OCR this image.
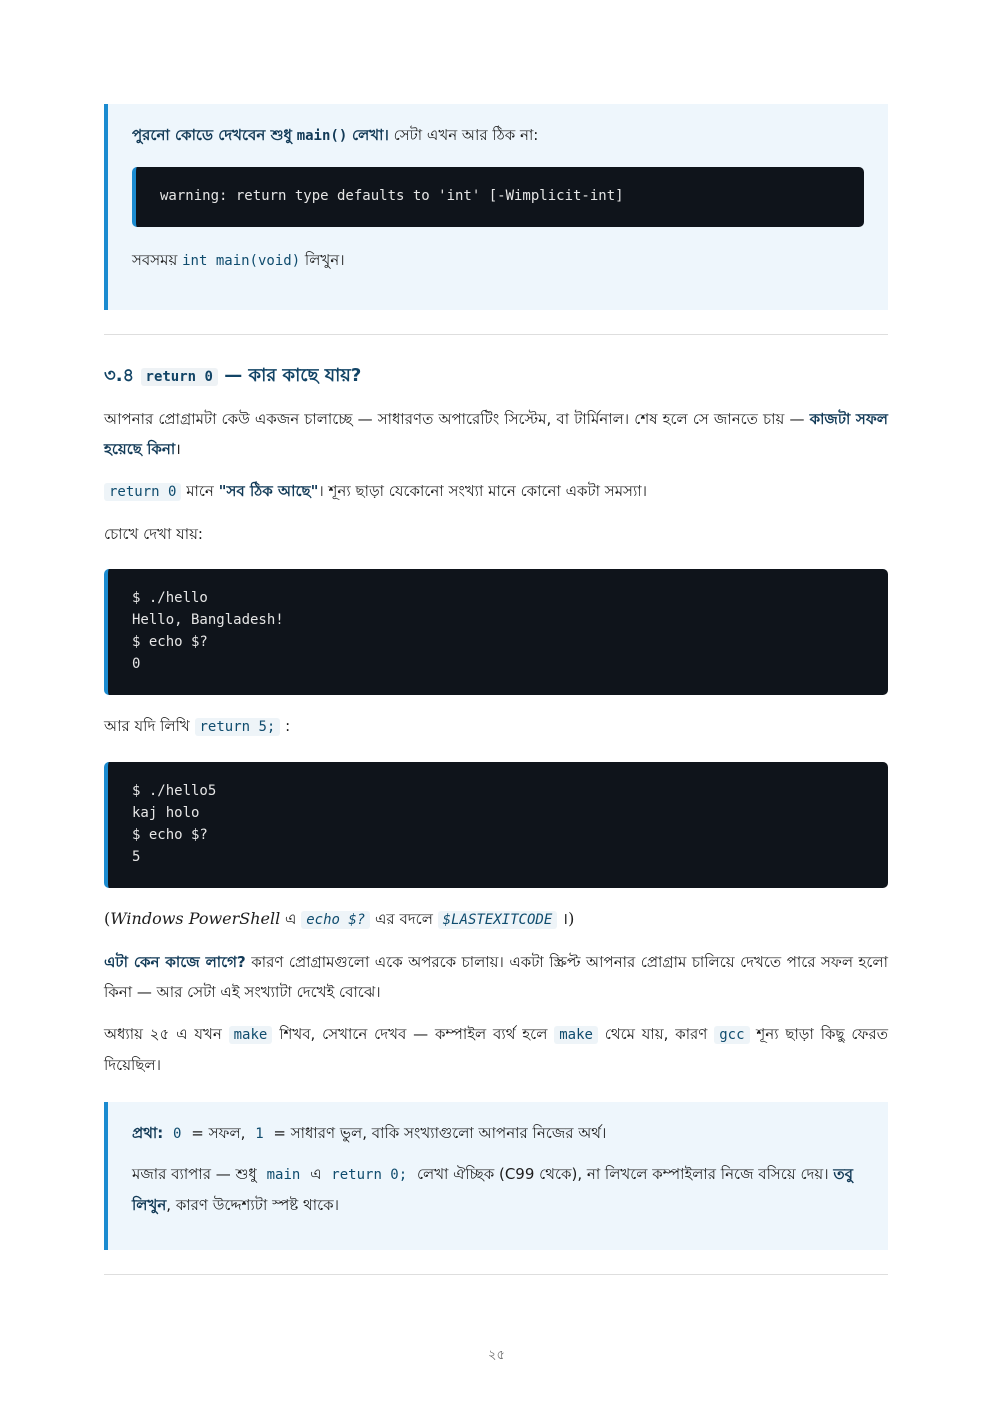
পুরনো কোডে দেখবেন শুধু main() লেখা। সেটা এখন আর ঠিক না:

warning: return type defaults to 'int' [-Wimplicit-int]

সবসময় int main(void) লিখুন।

৩.৪ return 0 — কার কাছে যায়?

আপনার প্রোগ্রামটা কেউ একজন চালাচ্ছে — সাধারণত অপারেটিং সিস্টেম, বা টার্মিনাল। শেষ হলে সে জানতে চায় — কাজটা সফল হয়েছে কিনা।

return 0 মানে "সব ঠিক আছে"। শূন্য ছাড়া যেকোনো সংখ্যা মানে কোনো একটা সমস্যা।

চোখে দেখা যায়:

$ ./hello
Hello, Bangladesh!
$ echo $?
0

আর যদি লিখি return 5; :

$ ./hello5
kaj holo
$ echo $?
5

(Windows PowerShell এ echo $? এর বদলে $LASTEXITCODE ।)

এটা কেন কাজে লাগে? কারণ প্রোগ্রামগুলো একে অপরকে চালায়। একটা স্ক্রিপ্ট আপনার প্রোগ্রাম চালিয়ে দেখতে পারে সফল হলো কিনা — আর সেটা এই সংখ্যাটা দেখেই বোঝে।

অধ্যায় ২৫ এ যখন make শিখব, সেখানে দেখব — কম্পাইল ব্যর্থ হলে make থেমে যায়, কারণ gcc শূন্য ছাড়া কিছু ফেরত দিয়েছিল।

প্রথা: 0 = সফল, 1 = সাধারণ ভুল, বাকি সংখ্যাগুলো আপনার নিজের অর্থ।

মজার ব্যাপার — শুধু main এ return 0; লেখা ঐচ্ছিক (C99 থেকে), না লিখলে কম্পাইলার নিজে বসিয়ে দেয়। তবু লিখুন, কারণ উদ্দেশ্যটা স্পষ্ট থাকে।

২৫
